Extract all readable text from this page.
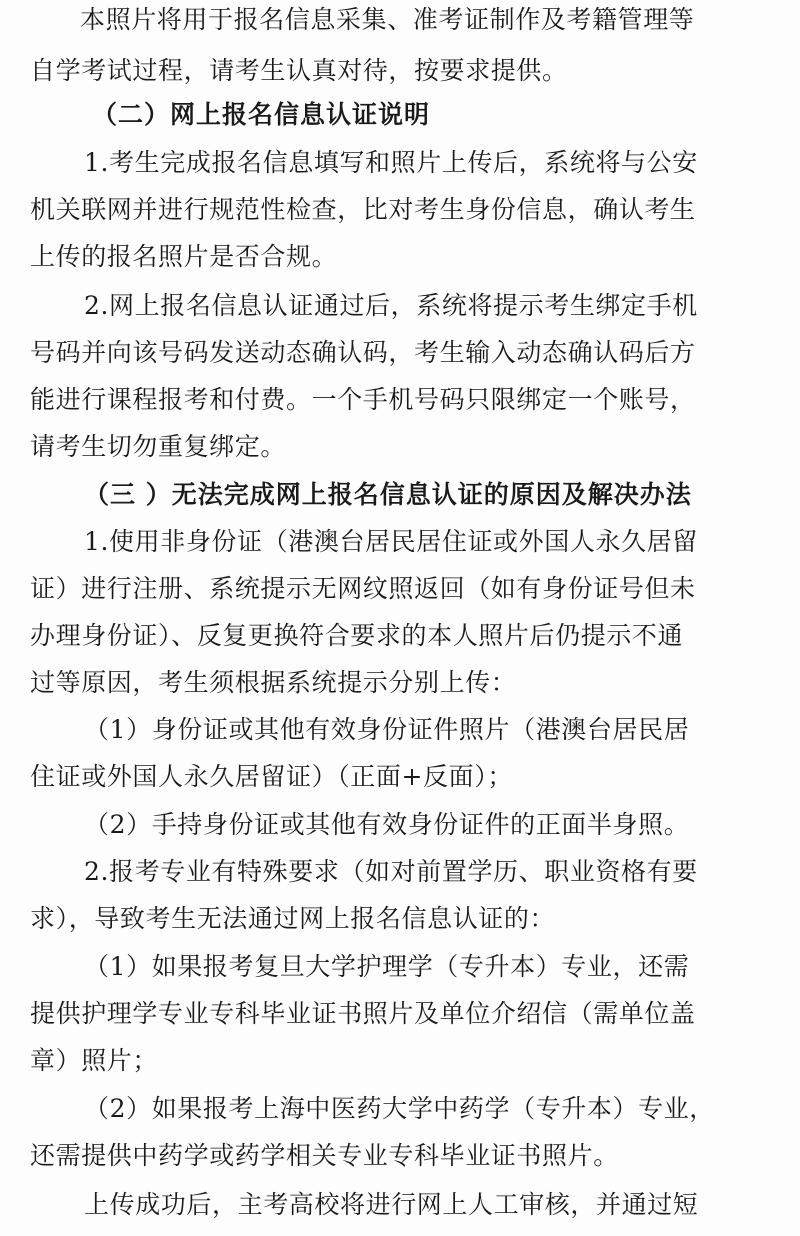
本照片将用于报名信息采集、准考证制作及考籍管理等
自学考试过程，请考生认真对待，按要求提供。
（二）网上报名信息认证说明
1.考生完成报名信息填写和照片上传后，系统将与公安
机关联网并进行规范性检查，比对考生身份信息，确认考生
上传的报名照片是否合规。
2.网上报名信息认证通过后，系统将提示考生绑定手机
号码并向该号码发送动态确认码，考生输入动态确认码后方
能进行课程报考和付费。一个手机号码只限绑定一个账号，
请考生切勿重复绑定。
（三 ）无法完成网上报名信息认证的原因及解决办法
1.使用非身份证（港澳台居民居住证或外国人永久居留
证）进行注册、系统提示无网纹照返回（如有身份证号但未
办理身份证）、反复更换符合要求的本人照片后仍提示不通
过等原因，考生须根据系统提示分别上传：
（1）身份证或其他有效身份证件照片（港澳台居民居
住证或外国人永久居留证）（正面+反面）；
（2）手持身份证或其他有效身份证件的正面半身照。
2.报考专业有特殊要求（如对前置学历、职业资格有要
求），导致考生无法通过网上报名信息认证的：
（1）如果报考复旦大学护理学（专升本）专业，还需
提供护理学专业专科毕业证书照片及单位介绍信（需单位盖
章）照片；
（2）如果报考上海中医药大学中药学（专升本）专业，
还需提供中药学或药学相关专业专科毕业证书照片。
上传成功后，主考高校将进行网上人工审核，并通过短
